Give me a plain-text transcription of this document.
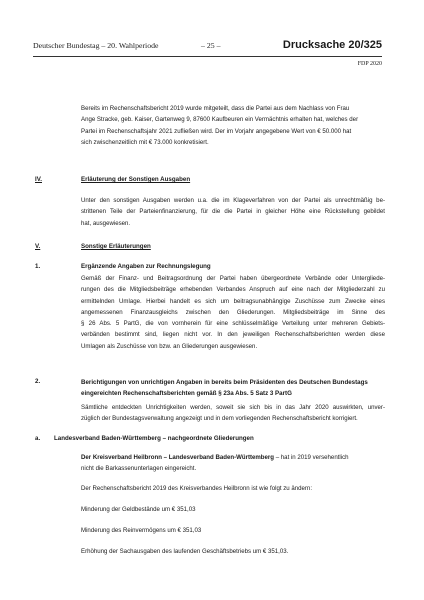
Deutscher Bundestag – 20. Wahlperiode	– 25 –	Drucksache 20/325
FDP 2020
Bereits im Rechenschaftsbericht 2019 wurde mitgeteilt, dass die Partei aus dem Nachlass von Frau
Ange Stracke, geb. Kaiser, Gartenweg 9, 87600 Kaufbeuren ein Vermächtnis erhalten hat, welches der
Partei im Rechenschaftsjahr 2021 zufließen wird. Der im Vorjahr angegebene Wert von € 50.000 hat
sich zwischenzeitlich mit € 73.000 konkretisiert.
IV.	Erläuterung der Sonstigen Ausgaben
Unter den sonstigen Ausgaben werden u.a. die im Klageverfahren von der Partei als unrechtmäßig be-
strittenen Teile der Parteienfinanzierung, für die die Partei in gleicher Höhe eine Rückstellung gebildet
hat, ausgewiesen.
V.	Sonstige Erläuterungen
1.	Ergänzende Angaben zur Rechnungslegung
Gemäß der Finanz- und Beitragsordnung der Partei haben übergeordnete Verbände oder Untergliede-
rungen des die Mitgliedsbeiträge erhebenden Verbandes Anspruch auf eine nach der Mitgliederzahl zu
ermittelnden Umlage. Hierbei handelt es sich um beitragsunabhängige Zuschüsse zum Zwecke eines
angemessenen Finanzausgleichs zwischen den Gliederungen. Mitgliedsbeiträge im Sinne des
§ 26 Abs. 5 PartG, die von vornherein für eine schlüsselmäßige Verteilung unter mehreren Gebiets-
verbänden bestimmt sind, liegen nicht vor. In den jeweiligen Rechenschaftsberichten werden diese
Umlagen als Zuschüsse von bzw. an Gliederungen ausgewiesen.
2.	Berichtigungen von unrichtigen Angaben in bereits beim Präsidenten des Deutschen Bundestags
eingereichten Rechenschaftsberichten gemäß § 23a Abs. 5 Satz 3 PartG
Sämtliche entdeckten Unrichtigkeiten werden, soweit sie sich bis in das Jahr 2020 auswirkten, unver-
züglich der Bundestagsverwaltung angezeigt und in dem vorliegenden Rechenschaftsbericht korrigiert.
a. Landesverband Baden-Württemberg – nachgeordnete Gliederungen
Der Kreisverband Heilbronn – Landesverband Baden-Württemberg – hat in 2019 versehentlich
nicht die Barkassenunterlagen eingereicht.
Der Rechenschaftsbericht 2019 des Kreisverbandes Heilbronn ist wie folgt zu ändern:
Minderung der Geldbestände um € 351,03
Minderung des Reinvermögens um € 351,03
Erhöhung der Sachausgaben des laufenden Geschäftsbetriebs um € 351,03.
